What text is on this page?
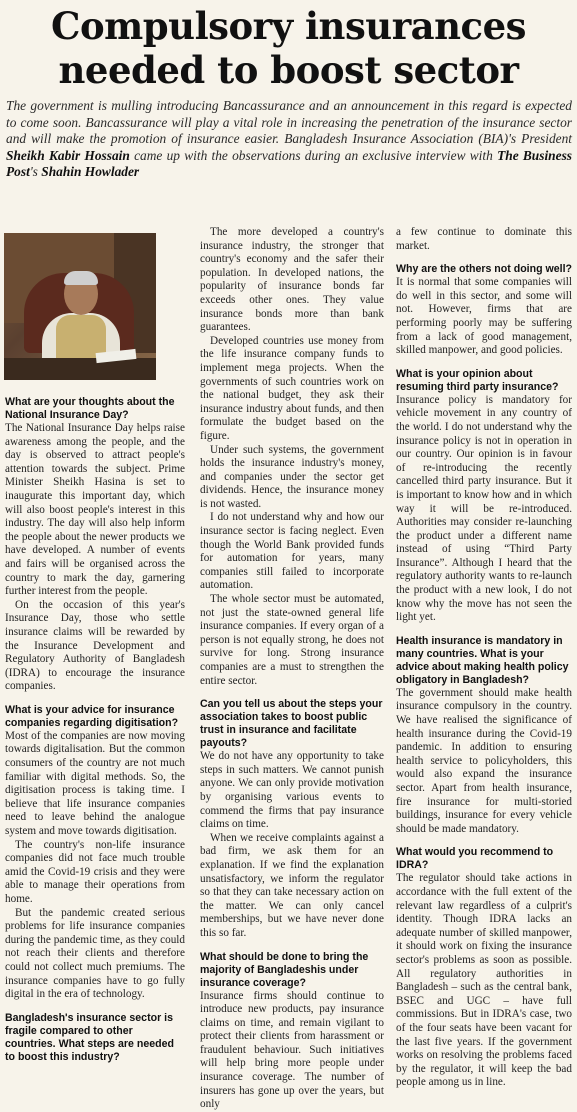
Compulsory insurances
needed to boost sector
The government is mulling introducing Bancassurance and an announcement in this regard is expected to come soon. Bancassurance will play a vital role in increasing the penetration of the insurance sector and will make the promotion of insurance easier. Bangladesh Insurance Association (BIA)'s President Sheikh Kabir Hossain came up with the observations during an exclusive interview with The Business Post's Shahin Howlader

What are your thoughts about the National Insurance Day?

The National Insurance Day helps raise awareness among the people, and the day is observed to attract people's attention towards the subject. Prime Minister Sheikh Hasina is set to inaugurate this important day, which will also boost people's interest in this industry. The day will also help inform the people about the newer products we have developed. A number of events and fairs will be organised across the country to mark the day, garnering further interest from the people.

On the occasion of this year's Insurance Day, those who settle insurance claims will be rewarded by the Insurance Development and Regulatory Authority of Bangladesh (IDRA) to encourage the insurance companies.

What is your advice for insurance companies regarding digitisation?

Most of the companies are now moving towards digitalisation. But the common consumers of the country are not much familiar with digital methods. So, the digitisation process is taking time. I believe that life insurance companies need to leave behind the analogue system and move towards digitisation.

The country's non-life insurance companies did not face much trouble amid the Covid-19 crisis and they were able to manage their operations from home.

But the pandemic created serious problems for life insurance companies during the pandemic time, as they could not reach their clients and therefore could not collect much premiums. The insurance companies have to go fully digital in the era of technology.

Bangladesh's insurance sector is fragile compared to other countries. What steps are needed to boost this industry?

The more developed a country's insurance industry, the stronger that country's economy and the safer their population. In developed nations, the popularity of insurance bonds far exceeds other ones. They value insurance bonds more than bank guarantees.

Developed countries use money from the life insurance company funds to implement mega projects. When the governments of such countries work on the national budget, they ask their insurance industry about funds, and then formulate the budget based on the figure.

Under such systems, the government holds the insurance industry's money, and companies under the sector get dividends. Hence, the insurance money is not wasted.

I do not understand why and how our insurance sector is facing neglect. Even though the World Bank provided funds for automation for years, many companies still failed to incorporate automation.

The whole sector must be automated, not just the state-owned general life insurance companies. If every organ of a person is not equally strong, he does not survive for long. Strong insurance companies are a must to strengthen the entire sector.

Can you tell us about the steps your association takes to boost public trust in insurance and facilitate payouts?

We do not have any opportunity to take steps in such matters. We cannot punish anyone. We can only provide motivation by organising various events to commend the firms that pay insurance claims on time.

When we receive complaints against a bad firm, we ask them for an explanation. If we find the explanation unsatisfactory, we inform the regulator so that they can take necessary action on the matter. We can only cancel memberships, but we have never done this so far.

What should be done to bring the majority of Bangladeshis under insurance coverage?

Insurance firms should continue to introduce new products, pay insurance claims on time, and remain vigilant to protect their clients from harassment or fraudulent behaviour. Such initiatives will help bring more people under insurance coverage. The number of insurers has gone up over the years, but only

a few continue to dominate this market.

Why are the others not doing well?

It is normal that some companies will do well in this sector, and some will not. However, firms that are performing poorly may be suffering from a lack of good management, skilled manpower, and good policies.

What is your opinion about resuming third party insurance?

Insurance policy is mandatory for vehicle movement in any country of the world. I do not understand why the insurance policy is not in operation in our country. Our opinion is in favour of re-introducing the recently cancelled third party insurance. But it is important to know how and in which way it will be re-introduced. Authorities may consider re-launching the product under a different name instead of using “Third Party Insurance”. Although I heard that the regulatory authority wants to re-launch the product with a new look, I do not know why the move has not seen the light yet.

Health insurance is mandatory in many countries. What is your advice about making health policy obligatory in Bangladesh?

The government should make health insurance compulsory in the country. We have realised the significance of health insurance during the Covid-19 pandemic. In addition to ensuring health service to policyholders, this would also expand the insurance sector. Apart from health insurance, fire insurance for multi-storied buildings, insurance for every vehicle should be made mandatory.

What would you recommend to IDRA?

The regulator should take actions in accordance with the full extent of the relevant law regardless of a culprit's identity. Though IDRA lacks an adequate number of skilled manpower, it should work on fixing the insurance sector's problems as soon as possible. All regulatory authorities in Bangladesh – such as the central bank, BSEC and UGC – have full commissions. But in IDRA's case, two of the four seats have been vacant for the last five years. If the government works on resolving the problems faced by the regulator, it will keep the bad people among us in line.
